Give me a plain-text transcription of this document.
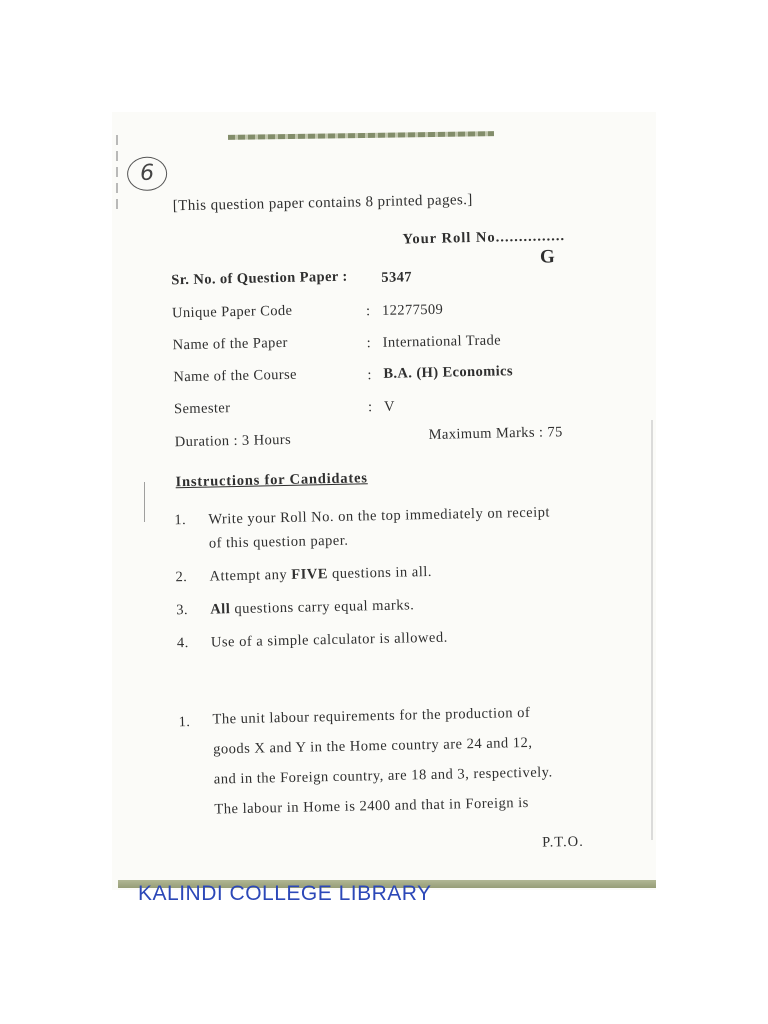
6
[This question paper contains 8 printed pages.]
Your Roll No...............
G
Sr. No. of Question Paper : 5347
Unique Paper Code	: 12277509
Name of the Paper	: International Trade
Name of the Course	: B.A. (H) Economics
Semester	: V
Duration : 3 Hours	Maximum Marks : 75
Instructions for Candidates
1. Write your Roll No. on the top immediately on receipt
of this question paper.
2. Attempt any FIVE questions in all.
3. All questions carry equal marks.
4. Use of a simple calculator is allowed.
1. The unit labour requirements for the production of
goods X and Y in the Home country are 24 and 12,
and in the Foreign country, are 18 and 3, respectively.
The labour in Home is 2400 and that in Foreign is
P.T.O.
KALINDI COLLEGE LIBRARY
